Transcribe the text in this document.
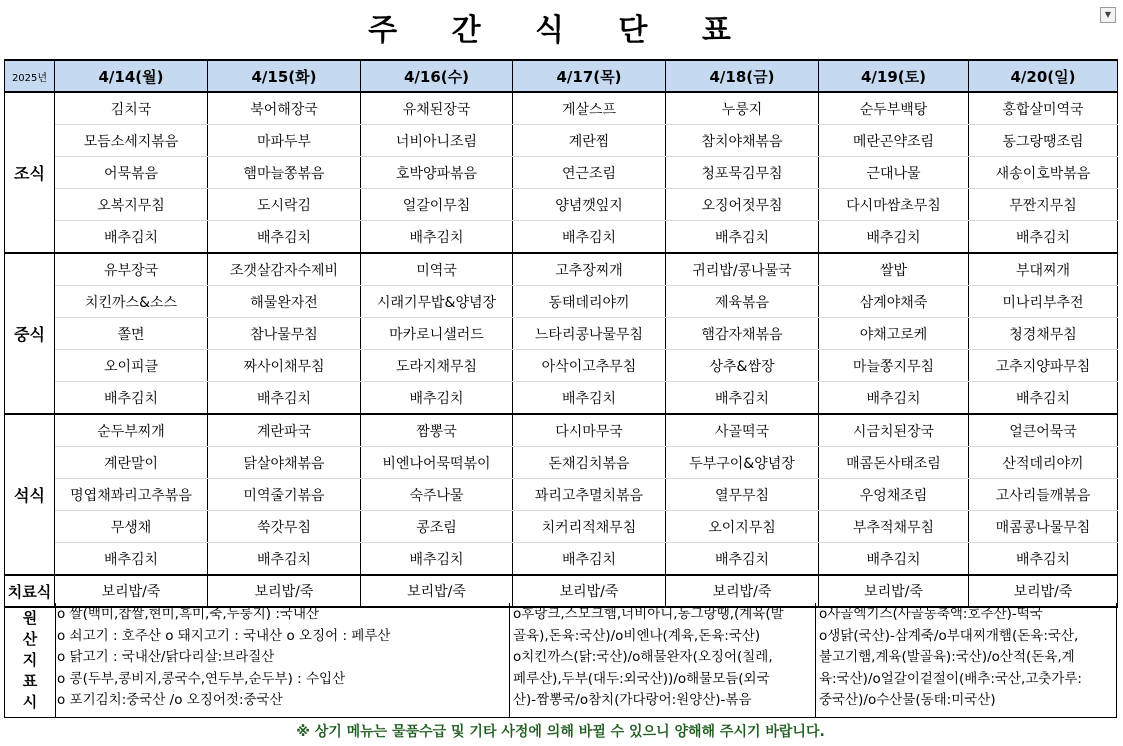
주 간 식 단 표	▼
2025년	4/14(월)	4/15(화)	4/16(수)	4/17(목)	4/18(금)	4/19(토)	4/20(일)
조식	김치국	북어해장국	유채된장국	게살스프	누룽지	순두부백탕	홍합살미역국
	모듬소세지볶음	마파두부	너비아니조림	계란찜	참치야채볶음	메란곤약조림	동그랑땡조림
	어묵볶음	햄마늘쫑볶음	호박양파볶음	연근조림	청포묵김무침	근대나물	새송이호박볶음
	오복지무침	도시락김	얼갈이무침	양념깻잎지	오징어젓무침	다시마쌈초무침	무짠지무침
	배추김치	배추김치	배추김치	배추김치	배추김치	배추김치	배추김치
중식	유부장국	조갯살감자수제비	미역국	고추장찌개	귀리밥/콩나물국	쌀밥	부대찌개
	치킨까스&소스	해물완자전	시래기무밥&양념장	동태데리야끼	제육볶음	삼계야채죽	미나리부추전
	쫄면	참나물무침	마카로니샐러드	느타리콩나물무침	햄감자채볶음	야채고로케	청경채무침
	오이피클	짜사이채무침	도라지채무침	아삭이고추무침	상추&쌈장	마늘쫑지무침	고추지양파무침
	배추김치	배추김치	배추김치	배추김치	배추김치	배추김치	배추김치
석식	순두부찌개	계란파국	짬뽕국	다시마무국	사골떡국	시금치된장국	얼큰어묵국
	계란말이	닭살야채볶음	비엔나어묵떡볶이	돈채김치볶음	두부구이&양념장	매콤돈사태조림	산적데리야끼
	명엽채꽈리고추볶음	미역줄기볶음	숙주나물	꽈리고추멸치볶음	열무무침	우엉채조림	고사리들깨볶음
	무생채	쑥갓무침	콩조림	치커리적채무침	오이지무침	부추적채무침	매콤콩나물무침
	배추김치	배추김치	배추김치	배추김치	배추김치	배추김치	배추김치
치료식	보리밥/죽	보리밥/죽	보리밥/죽	보리밥/죽	보리밥/죽	보리밥/죽	보리밥/죽
원
산
지
표
시
o 쌀(백미,찹쌀,현미,흑미,죽,누룽지) :국내산
o 쇠고기 : 호주산 o 돼지고기 : 국내산 o 오징어 : 페루산
o 닭고기 : 국내산/닭다리살:브라질산
o 콩(두부,콩비지,콩국수,연두부,순두부) : 수입산
o 포기김치:중국산 /o 오징어젓:중국산
o후랑크,스모크햄,너비아니,동그랑땡,(계육(발
골육),돈육:국산)/o비엔나(계육,돈육:국산)
o치킨까스(닭:국산)/o해물완자(오징어(칠레,
페루산),두부(대두:외국산))/o해물모듬(외국
산)-짬뽕국/o참치(가다랑어:원양산)-볶음
o사골엑기스(사골농축액:호주산)-떡국
o생닭(국산)-삼계죽/o부대찌개햄(돈육:국산,
불고기햄,계육(발골육):국산)/o산적(돈육,계
육:국산)/o얼갈이겉절이(배추:국산,고춧가루:
중국산)/o수산물(동태:미국산)
※ 상기 메뉴는 물품수급 및 기타 사정에 의해 바뀔 수 있으니 양해해 주시기 바랍니다.
